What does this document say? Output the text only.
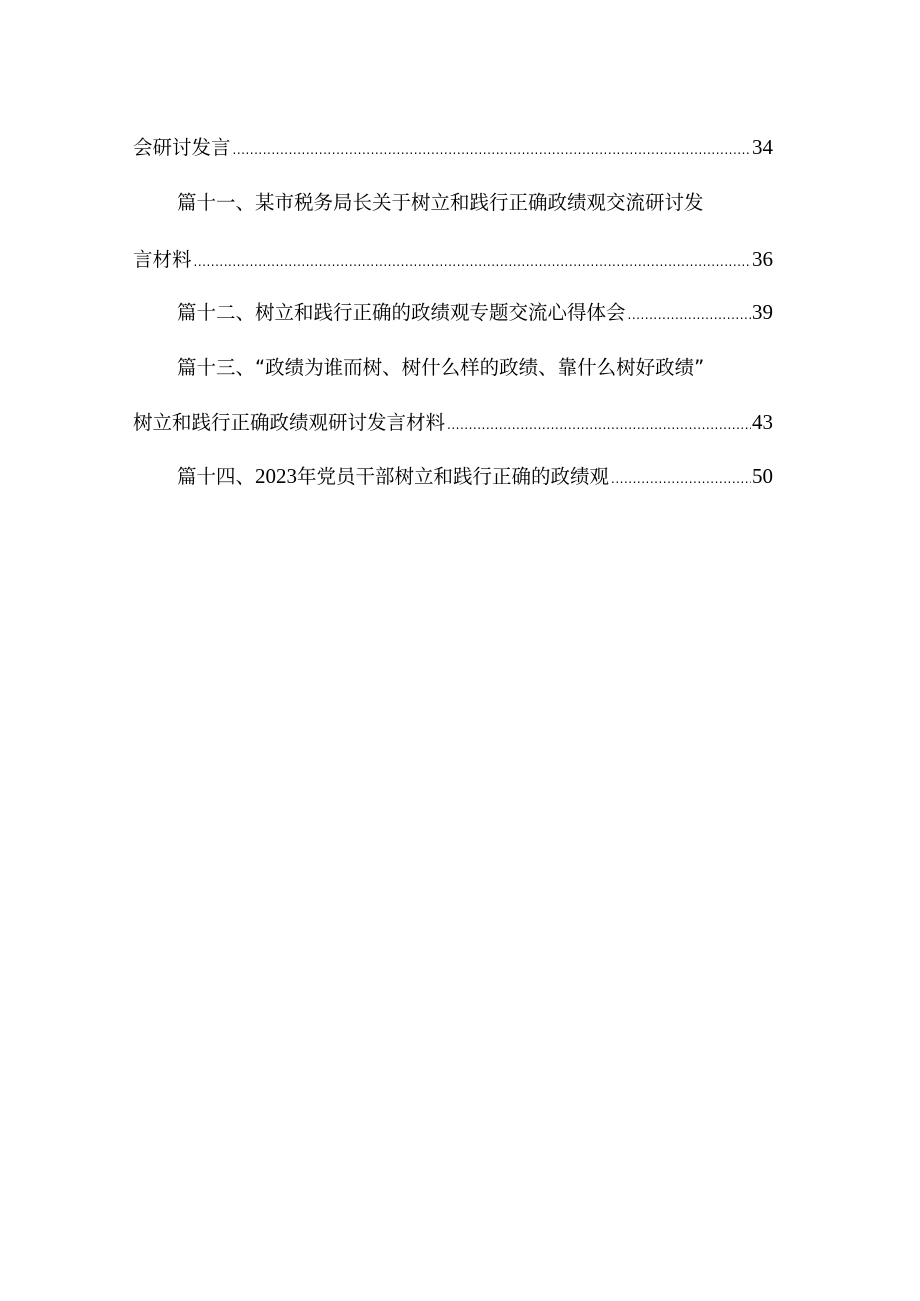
会研讨发言 .....	34
篇十一、某市税务局长关于树立和践行正确政绩观交流研讨发
言材料 .....	36
篇十二、树立和践行正确的政绩观专题交流心得体会 .....	39
篇十三、“政绩为谁而树、树什么样的政绩、靠什么树好政绩”
树立和践行正确政绩观研讨发言材料 .....	43
篇十四、2023年党员干部树立和践行正确的政绩观 .....	50
